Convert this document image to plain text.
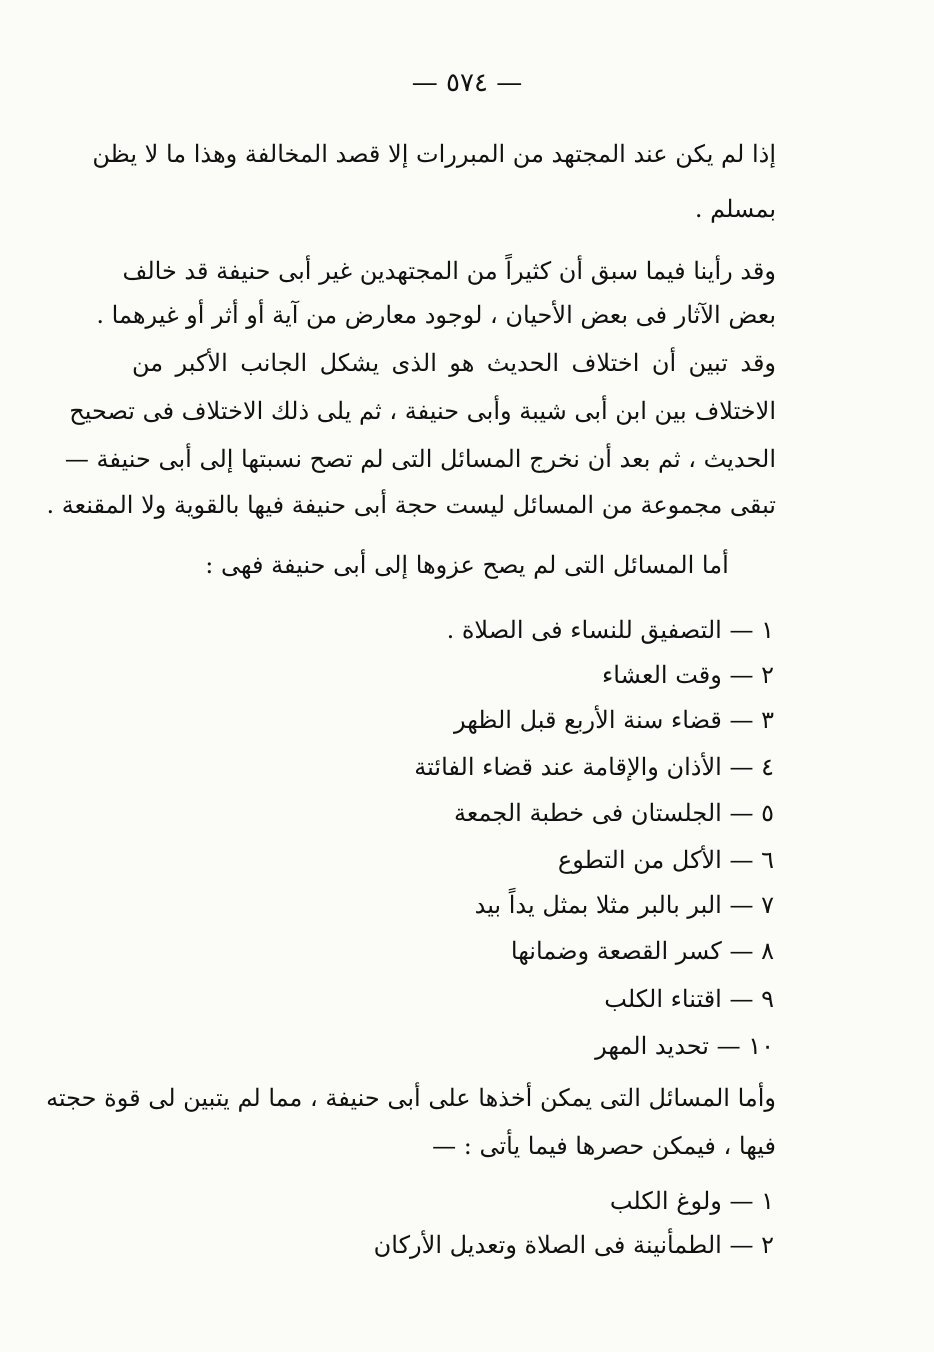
— ٥٧٤ —
إذا لم يكن عند المجتهد من المبررات إلا قصد المخالفة وهذا ما لا يظن
بمسلم .
وقد رأينا فيما سبق أن كثيراً من المجتهدين غير أبى حنيفة قد خالف
بعض الآثار فى بعض الأحيان ، لوجود معارض من آية أو أثر أو غيرهما .
وقد تبين أن اختلاف الحديث هو الذى يشكل الجانب الأكبر من
الاختلاف بين ابن أبى شيبة وأبى حنيفة ، ثم يلى ذلك الاختلاف فى تصحيح
الحديث ، ثم بعد أن نخرج المسائل التى لم تصح نسبتها إلى أبى حنيفة —
تبقى مجموعة من المسائل ليست حجة أبى حنيفة فيها بالقوية ولا المقنعة .
أما المسائل التى لم يصح عزوها إلى أبى حنيفة فهى :
١ — التصفيق للنساء فى الصلاة .
٢ — وقت العشاء
٣ — قضاء سنة الأربع قبل الظهر
٤ — الأذان والإقامة عند قضاء الفائتة
٥ — الجلستان فى خطبة الجمعة
٦ — الأكل من التطوع
٧ — البر بالبر مثلا بمثل يداً بيد
٨ — كسر القصعة وضمانها
٩ — اقتناء الكلب
١٠ — تحديد المهر
وأما المسائل التى يمكن أخذها على أبى حنيفة ، مما لم يتبين لى قوة حجته
فيها ، فيمكن حصرها فيما يأتى : —
١ — ولوغ الكلب
٢ — الطمأنينة فى الصلاة وتعديل الأركان
